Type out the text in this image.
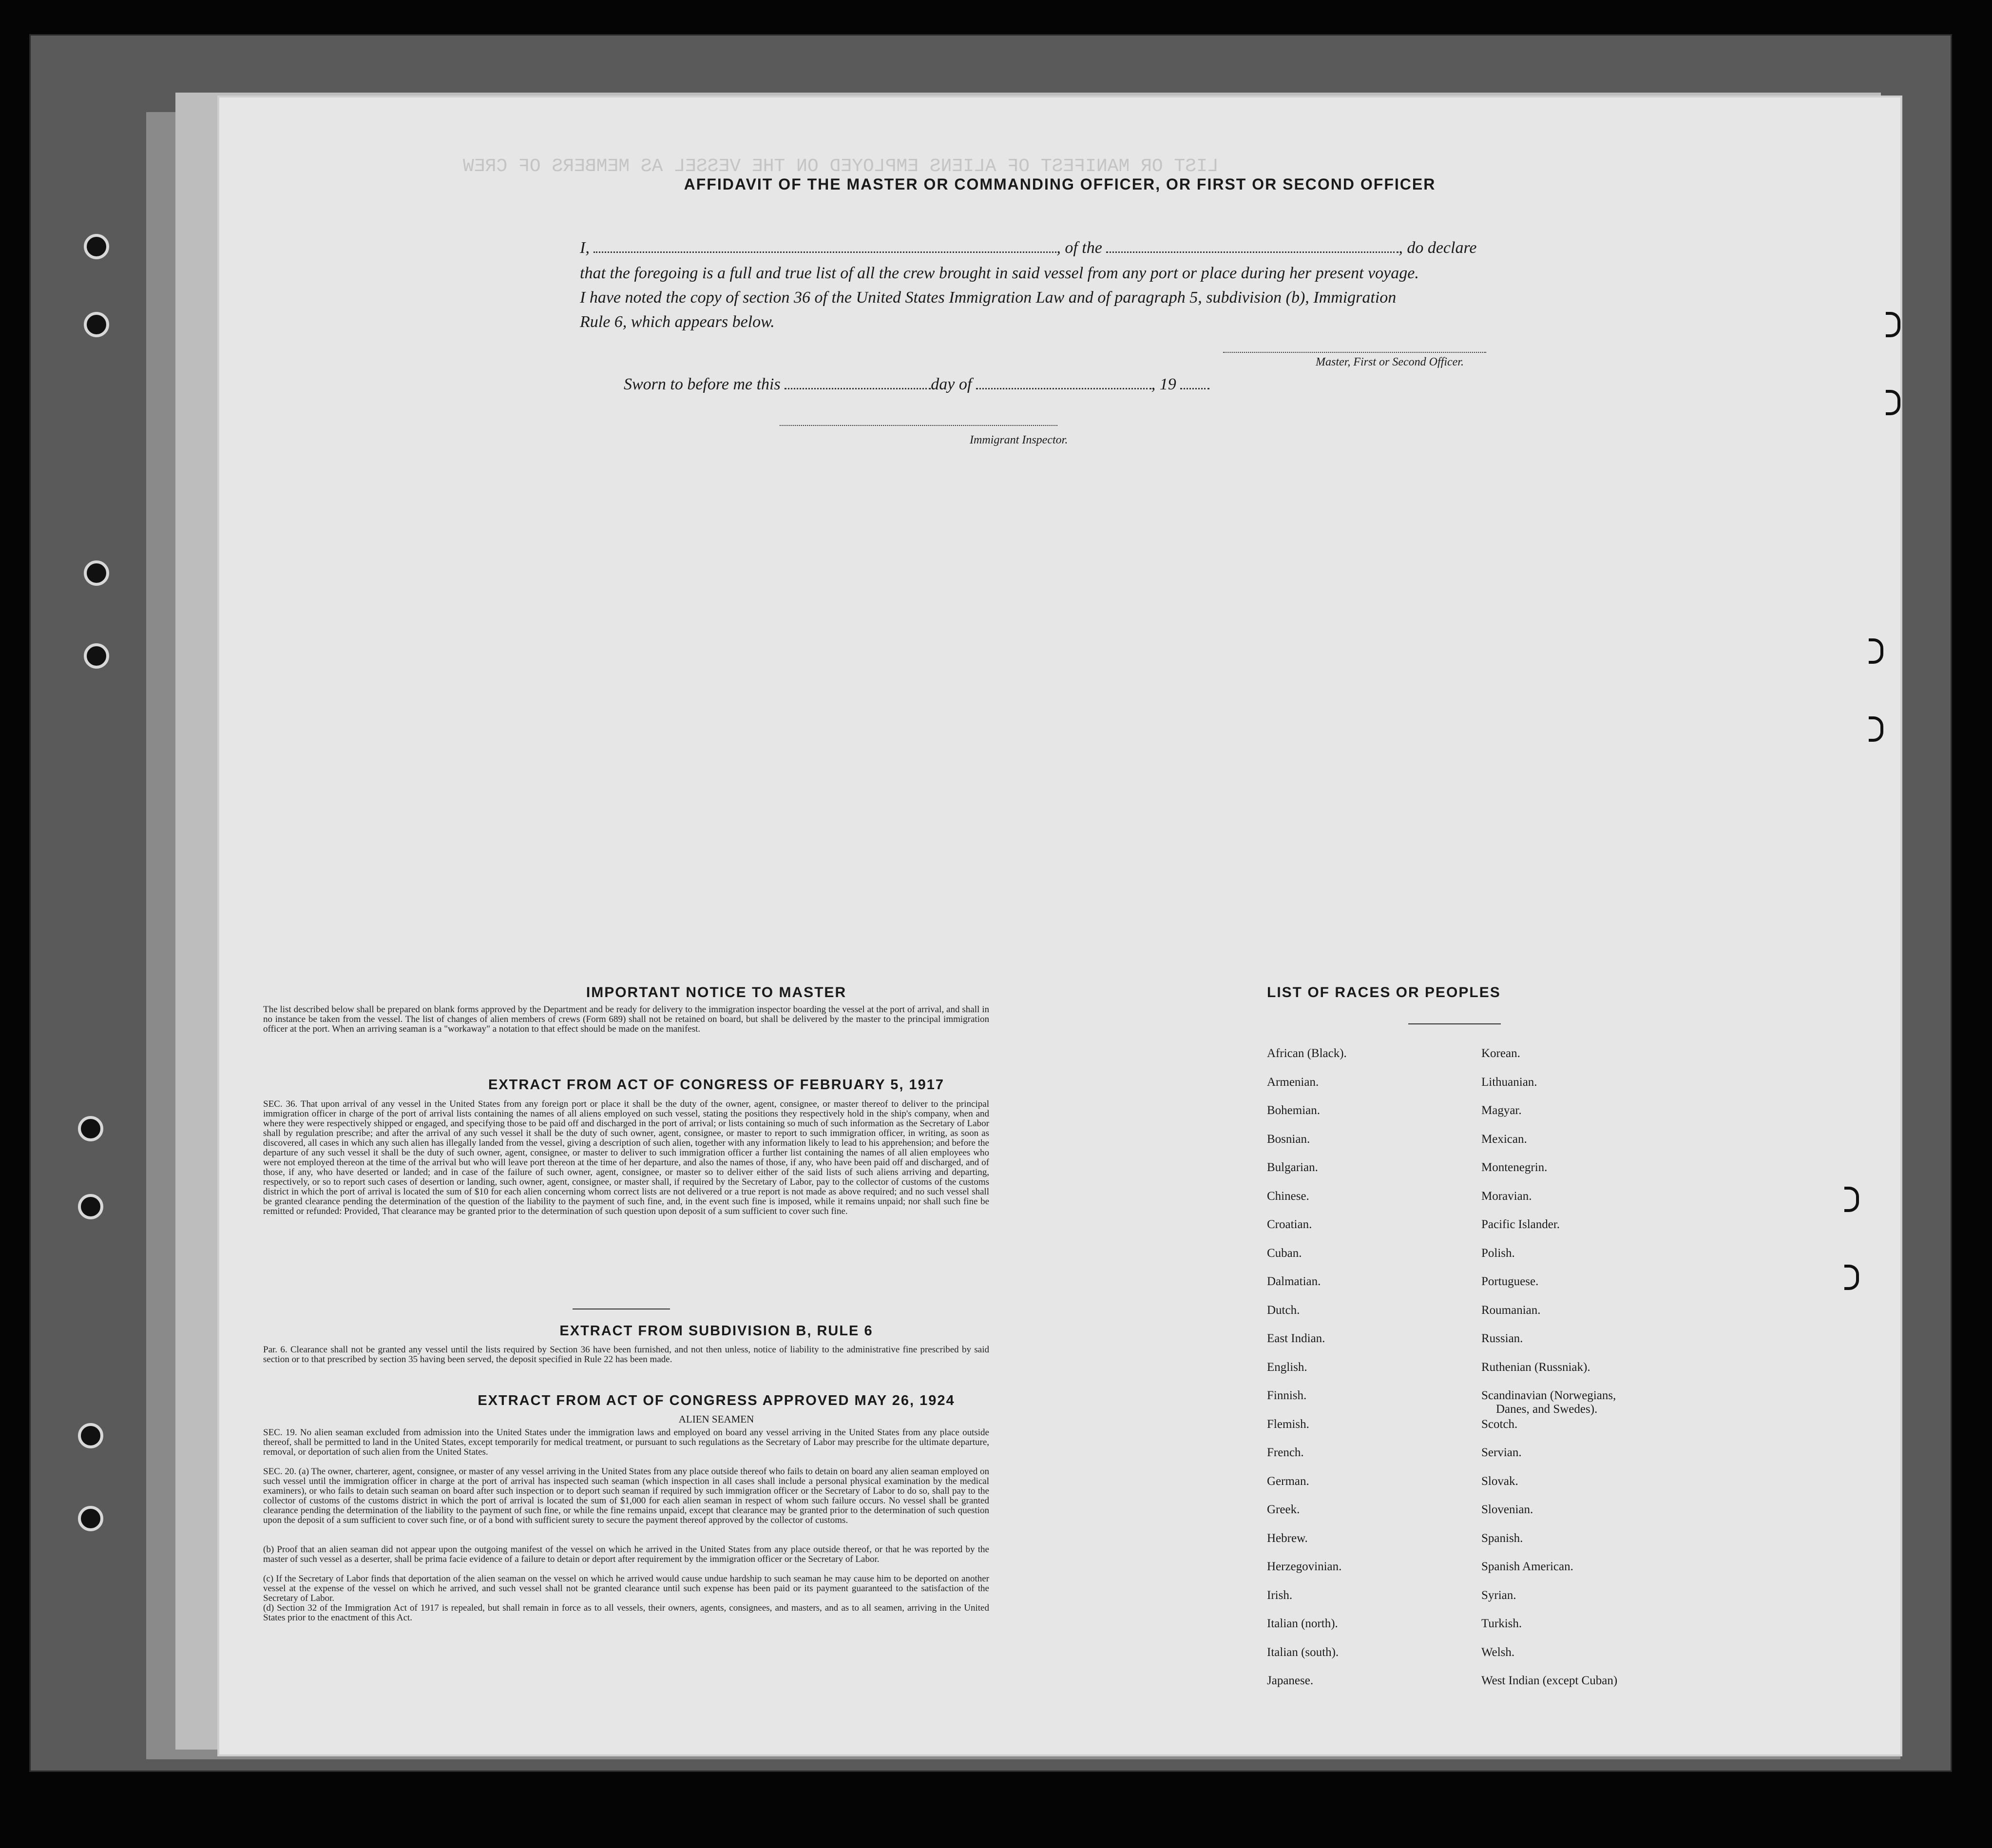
LIST OR MANIFEST OF ALIENS EMPLOYED ON THE VESSEL AS MEMBERS OF CREW
AFFIDAVIT OF THE MASTER OR COMMANDING OFFICER, OR FIRST OR SECOND OFFICER
I,	, of the	, do declare
that the foregoing is a full and true list of all the crew brought in said vessel from any port or place during her present voyage.
I have noted the copy of section 36 of the United States Immigration Law and of paragraph 5, subdivision (b), Immigration
Rule 6, which appears below.
Master, First or Second Officer.
Sworn to before me this	day of	, 19
Immigrant Inspector.
IMPORTANT NOTICE TO MASTER
The list described below shall be prepared on blank forms approved by the Department and be ready for delivery to the immigration inspector boarding the vessel at the port of arrival, and shall in no instance be taken from the vessel. The list of changes of alien members of crews (Form 689) shall not be retained on board, but shall be delivered by the master to the principal immigration officer at the port. When an arriving seaman is a "workaway" a notation to that effect should be made on the manifest.
EXTRACT FROM ACT OF CONGRESS OF FEBRUARY 5, 1917
SEC. 36. That upon arrival of any vessel in the United States from any foreign port or place it shall be the duty of the owner, agent, consignee, or master thereof to deliver to the principal immigration officer in charge of the port of arrival lists containing the names of all aliens employed on such vessel, stating the positions they respectively hold in the ship's company, when and where they were respectively shipped or engaged, and specifying those to be paid off and discharged in the port of arrival; or lists containing so much of such information as the Secretary of Labor shall by regulation prescribe; and after the arrival of any such vessel it shall be the duty of such owner, agent, consignee, or master to report to such immigration officer, in writing, as soon as discovered, all cases in which any such alien has illegally landed from the vessel, giving a description of such alien, together with any information likely to lead to his apprehension; and before the departure of any such vessel it shall be the duty of such owner, agent, consignee, or master to deliver to such immigration officer a further list containing the names of all alien employees who were not employed thereon at the time of the arrival but who will leave port thereon at the time of her departure, and also the names of those, if any, who have been paid off and discharged, and of those, if any, who have deserted or landed; and in case of the failure of such owner, agent, consignee, or master so to deliver either of the said lists of such aliens arriving and departing, respectively, or so to report such cases of desertion or landing, such owner, agent, consignee, or master shall, if required by the Secretary of Labor, pay to the collector of customs of the customs district in which the port of arrival is located the sum of $10 for each alien concerning whom correct lists are not delivered or a true report is not made as above required; and no such vessel shall be granted clearance pending the determination of the question of the liability to the payment of such fine, and, in the event such fine is imposed, while it remains unpaid; nor shall such fine be remitted or refunded: Provided, That clearance may be granted prior to the determination of such question upon deposit of a sum sufficient to cover such fine.
EXTRACT FROM SUBDIVISION B, RULE 6
Par. 6. Clearance shall not be granted any vessel until the lists required by Section 36 have been furnished, and not then unless, notice of liability to the administrative fine prescribed by said section or to that prescribed by section 35 having been served, the deposit specified in Rule 22 has been made.
EXTRACT FROM ACT OF CONGRESS APPROVED MAY 26, 1924
ALIEN SEAMEN
SEC. 19. No alien seaman excluded from admission into the United States under the immigration laws and employed on board any vessel arriving in the United States from any place outside thereof, shall be permitted to land in the United States, except temporarily for medical treatment, or pursuant to such regulations as the Secretary of Labor may prescribe for the ultimate departure, removal, or deportation of such alien from the United States.
SEC. 20. (a) The owner, charterer, agent, consignee, or master of any vessel arriving in the United States from any place outside thereof who fails to detain on board any alien seaman employed on such vessel until the immigration officer in charge at the port of arrival has inspected such seaman (which inspection in all cases shall include a personal physical examination by the medical examiners), or who fails to detain such seaman on board after such inspection or to deport such seaman if required by such immigration officer or the Secretary of Labor to do so, shall pay to the collector of customs of the customs district in which the port of arrival is located the sum of $1,000 for each alien seaman in respect of whom such failure occurs. No vessel shall be granted clearance pending the determination of the liability to the payment of such fine, or while the fine remains unpaid, except that clearance may be granted prior to the determination of such question upon the deposit of a sum sufficient to cover such fine, or of a bond with sufficient surety to secure the payment thereof approved by the collector of customs.
(b) Proof that an alien seaman did not appear upon the outgoing manifest of the vessel on which he arrived in the United States from any place outside thereof, or that he was reported by the master of such vessel as a deserter, shall be prima facie evidence of a failure to detain or deport after requirement by the immigration officer or the Secretary of Labor.
(c) If the Secretary of Labor finds that deportation of the alien seaman on the vessel on which he arrived would cause undue hardship to such seaman he may cause him to be deported on another vessel at the expense of the vessel on which he arrived, and such vessel shall not be granted clearance until such expense has been paid or its payment guaranteed to the satisfaction of the Secretary of Labor.
(d) Section 32 of the Immigration Act of 1917 is repealed, but shall remain in force as to all vessels, their owners, agents, consignees, and masters, and as to all seamen, arriving in the United States prior to the enactment of this Act.
LIST OF RACES OR PEOPLES
African (Black).
Armenian.
Bohemian.
Bosnian.
Bulgarian.
Chinese.
Croatian.
Cuban.
Dalmatian.
Dutch.
East Indian.
English.
Finnish.
Flemish.
French.
German.
Greek.
Hebrew.
Herzegovinian.
Irish.
Italian (north).
Italian (south).
Japanese.
Korean.
Lithuanian.
Magyar.
Mexican.
Montenegrin.
Moravian.
Pacific Islander.
Polish.
Portuguese.
Roumanian.
Russian.
Ruthenian (Russniak).
Scandinavian (Norwegians,
Danes, and Swedes).
Scotch.
Servian.
Slovak.
Slovenian.
Spanish.
Spanish American.
Syrian.
Turkish.
Welsh.
West Indian (except Cuban)
